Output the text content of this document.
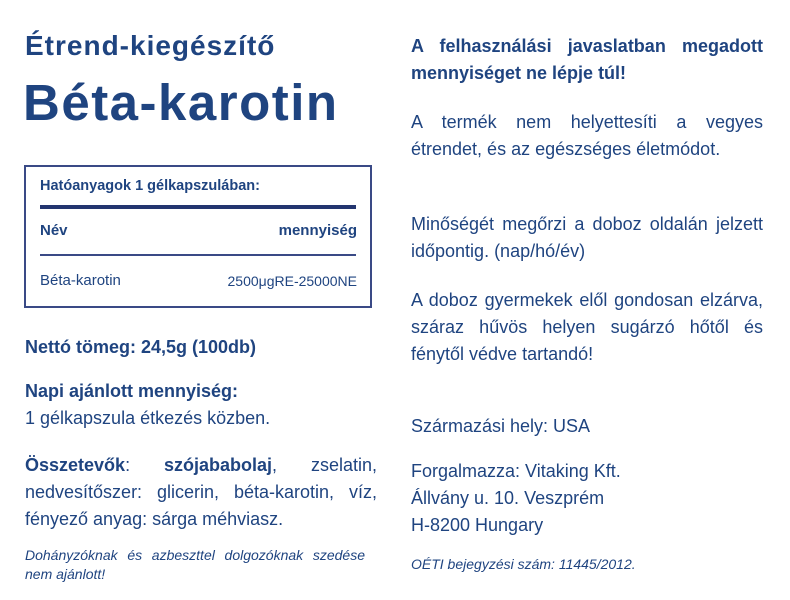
Étrend-kiegészítő
Béta-karotin
Hatóanyagok 1 gélkapszulában:
Név	mennyiség
Béta-karotin	2500μgRE-25000NE
Nettó tömeg: 24,5g (100db)
Napi ajánlott mennyiség:
1 gélkapszula étkezés közben.
Összetevők: szójababolaj, zselatin, nedvesítőszer: glicerin, béta-karotin, víz, fényező anyag: sárga méhviasz.
Dohányzóknak és azbeszttel dolgozóknak szedése nem ajánlott!
A felhasználási javaslatban megadott mennyiséget ne lépje túl!
A termék nem helyettesíti a vegyes étrendet, és az egészséges életmódot.
Minőségét megőrzi a doboz oldalán jelzett időpontig. (nap/hó/év)
A doboz gyermekek elől gondosan elzárva, száraz hűvös helyen sugárzó hőtől és fénytől védve tartandó!
Származási hely: USA
Forgalmazza: Vitaking Kft.
Állvány u. 10. Veszprém
H-8200 Hungary
OÉTI bejegyzési szám: 11445/2012.
